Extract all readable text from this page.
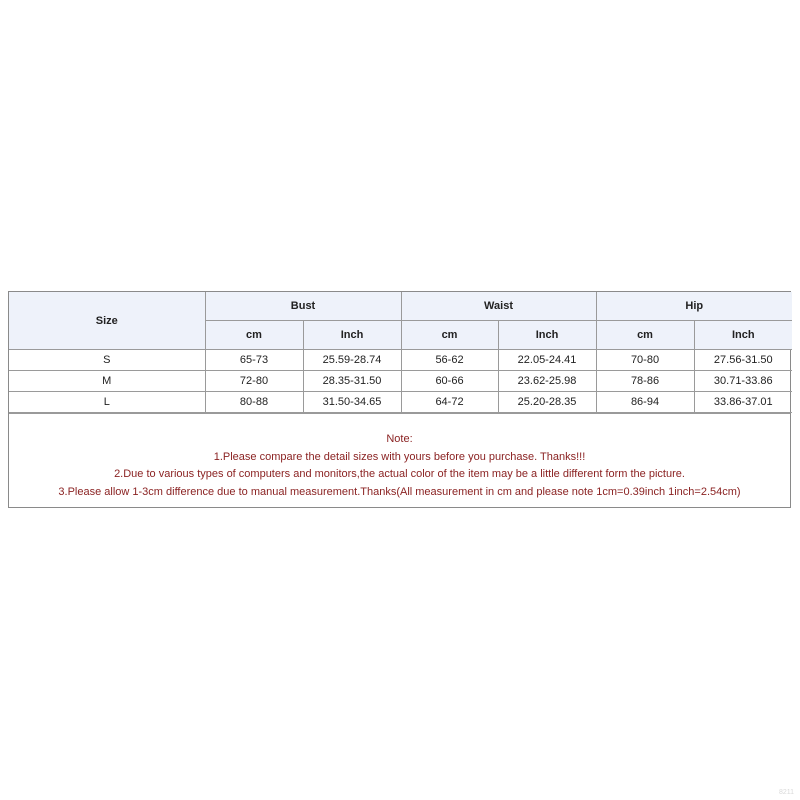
Size	Bust		Waist		Hip	
	cm	Inch	cm	Inch	cm	Inch
S	65-73	25.59-28.74	56-62	22.05-24.41	70-80	27.56-31.50
M	72-80	28.35-31.50	60-66	23.62-25.98	78-86	30.71-33.86
L	80-88	31.50-34.65	64-72	25.20-28.35	86-94	33.86-37.01
Note:
1.Please compare the detail sizes with yours before you purchase. Thanks!!!
2.Due to various types of computers and monitors,the actual color of the item may be a little different form the picture.
3.Please allow 1-3cm difference due to manual measurement.Thanks(All measurement in cm and please note 1cm=0.39inch 1inch=2.54cm)
8211
